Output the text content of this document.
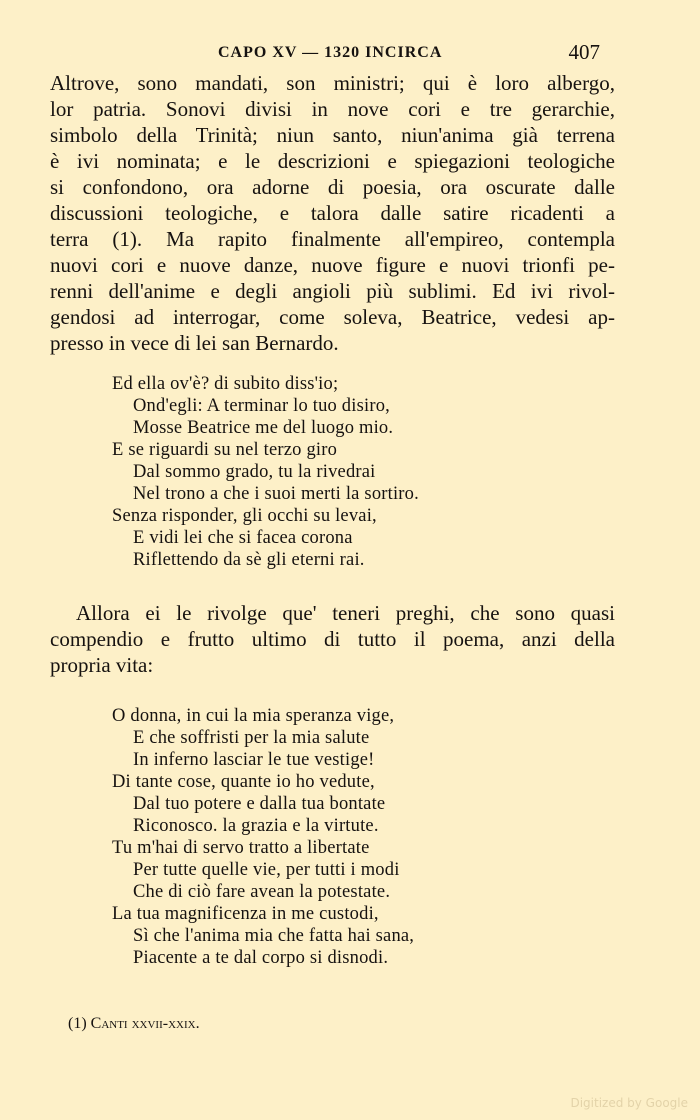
CAPO XV — 1320 INCIRCA	407
Altrove, sono mandati, son ministri; qui è loro albergo,
lor patria. Sonovi divisi in nove cori e tre gerarchie,
simbolo della Trinità; niun santo, niun'anima già terrena
è ivi nominata; e le descrizioni e spiegazioni teologiche
si confondono, ora adorne di poesia, ora oscurate dalle
discussioni teologiche, e talora dalle satire ricadenti a
terra (1). Ma rapito finalmente all'empireo, contempla
nuovi cori e nuove danze, nuove figure e nuovi trionfi pe-
renni dell'anime e degli angioli più sublimi. Ed ivi rivol-
gendosi ad interrogar, come soleva, Beatrice, vedesi ap-
presso in vece di lei san Bernardo.
Ed ella ov'è? di subito diss'io;
Ond'egli: A terminar lo tuo disiro,
Mosse Beatrice me del luogo mio.
E se riguardi su nel terzo giro
Dal sommo grado, tu la rivedrai
Nel trono a che i suoi merti la sortiro.
Senza risponder, gli occhi su levai,
E vidi lei che si facea corona
Riflettendo da sè gli eterni rai.
Allora ei le rivolge que' teneri preghi, che sono quasi
compendio e frutto ultimo di tutto il poema, anzi della
propria vita:
O donna, in cui la mia speranza vige,
E che soffristi per la mia salute
In inferno lasciar le tue vestige!
Di tante cose, quante io ho vedute,
Dal tuo potere e dalla tua bontate
Riconosco. la grazia e la virtute.
Tu m'hai di servo tratto a libertate
Per tutte quelle vie, per tutti i modi
Che di ciò fare avean la potestate.
La tua magnificenza in me custodi,
Sì che l'anima mia che fatta hai sana,
Piacente a te dal corpo si disnodi.
(1) Canti xxvii-xxix.
Digitized by Google
